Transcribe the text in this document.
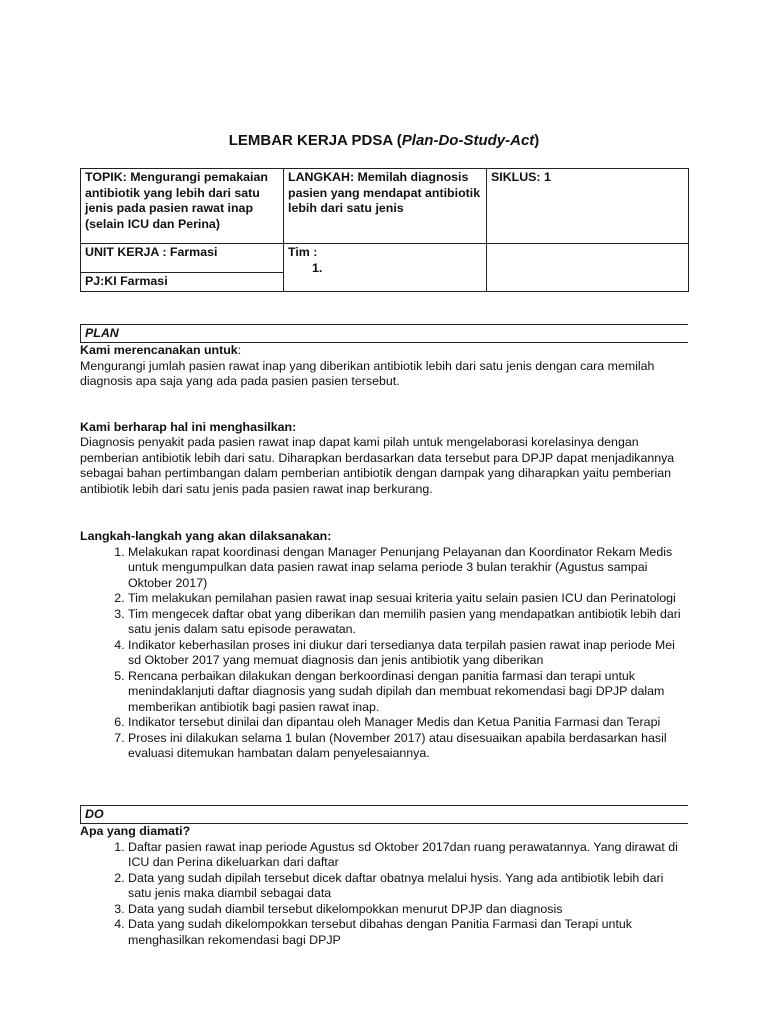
LEMBAR KERJA PDSA (Plan-Do-Study-Act)
TOPIK: Mengurangi pemakaian antibiotik yang lebih dari satu jenis pada pasien rawat inap (selain ICU dan Perina)	LANGKAH: Memilah diagnosis pasien yang mendapat antibiotik lebih dari satu jenis	SIKLUS: 1
UNIT KERJA : Farmasi	Tim :
1.	

PJ:KI Farmasi		
PLAN

Kami merencanakan untuk:

Mengurangi jumlah pasien rawat inap yang diberikan antibiotik lebih dari satu jenis dengan cara memilah diagnosis apa saja yang ada pada pasien pasien tersebut.

Kami berharap hal ini menghasilkan:

Diagnosis penyakit pada pasien rawat inap dapat kami pilah untuk mengelaborasi korelasinya dengan pemberian antibiotik lebih dari satu. Diharapkan berdasarkan data tersebut para DPJP dapat menjadikannya sebagai bahan pertimbangan dalam pemberian antibiotik dengan dampak yang diharapkan yaitu pemberian antibiotik lebih dari satu jenis pada pasien rawat inap berkurang.

Langkah-langkah yang akan dilaksanakan:

1. Melakukan rapat koordinasi dengan Manager Penunjang Pelayanan dan Koordinator Rekam Medis untuk mengumpulkan data pasien rawat inap selama periode 3 bulan terakhir (Agustus sampai Oktober 2017)
2. Tim melakukan pemilahan pasien rawat inap sesuai kriteria yaitu selain pasien ICU dan Perinatologi
3. Tim mengecek daftar obat yang diberikan dan memilih pasien yang mendapatkan antibiotik lebih dari satu jenis dalam satu episode perawatan.
4. Indikator keberhasilan proses ini diukur dari tersedianya data terpilah pasien rawat inap periode Mei sd Oktober 2017 yang memuat diagnosis dan jenis antibiotik yang diberikan
5. Rencana perbaikan dilakukan dengan berkoordinasi dengan panitia farmasi dan terapi untuk menindaklanjuti daftar diagnosis yang sudah dipilah dan membuat rekomendasi bagi DPJP dalam memberikan antibiotik bagi pasien rawat inap.
6. Indikator tersebut dinilai dan dipantau oleh Manager Medis dan Ketua Panitia Farmasi dan Terapi
7. Proses ini dilakukan selama 1 bulan (November 2017) atau disesuaikan apabila berdasarkan hasil evaluasi ditemukan hambatan dalam penyelesaiannya.
DO

Apa yang diamati?

1. Daftar pasien rawat inap periode Agustus sd Oktober 2017dan ruang perawatannya. Yang dirawat di ICU dan Perina dikeluarkan dari daftar
2. Data yang sudah dipilah tersebut dicek daftar obatnya melalui hysis. Yang ada antibiotik lebih dari satu jenis maka diambil sebagai data
3. Data yang sudah diambil tersebut dikelompokkan menurut DPJP dan diagnosis
4. Data yang sudah dikelompokkan tersebut dibahas dengan Panitia Farmasi dan Terapi untuk menghasilkan rekomendasi bagi DPJP
